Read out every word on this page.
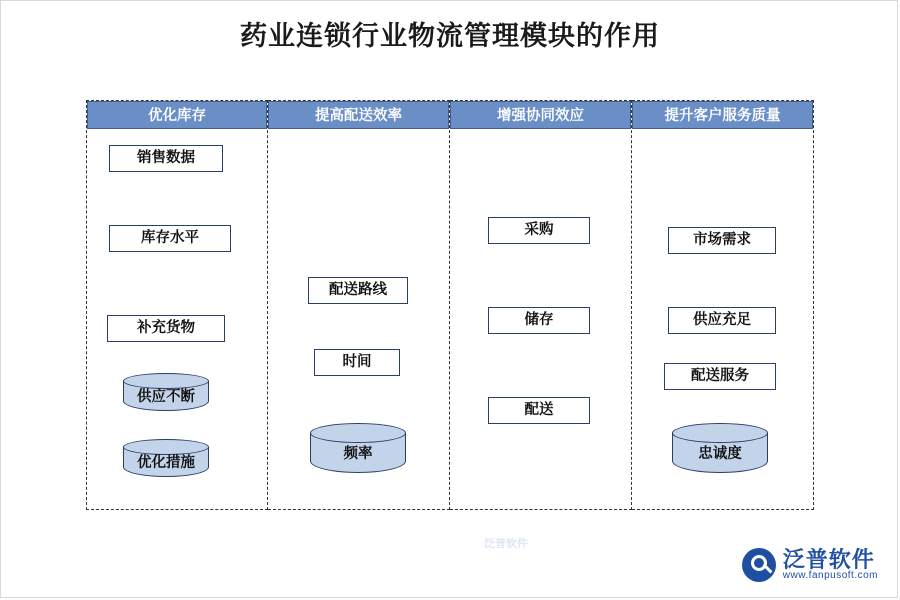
药业连锁行业物流管理模块的作用
优化库存
销售数据
库存水平
补充货物
供应不断
优化措施
提高配送效率
配送路线
时间
频率
增强协同效应
采购
储存
配送
提升客户服务质量
市场需求
供应充足
配送服务
忠诚度
泛普软件
泛普软件
www.fanpusoft.com
